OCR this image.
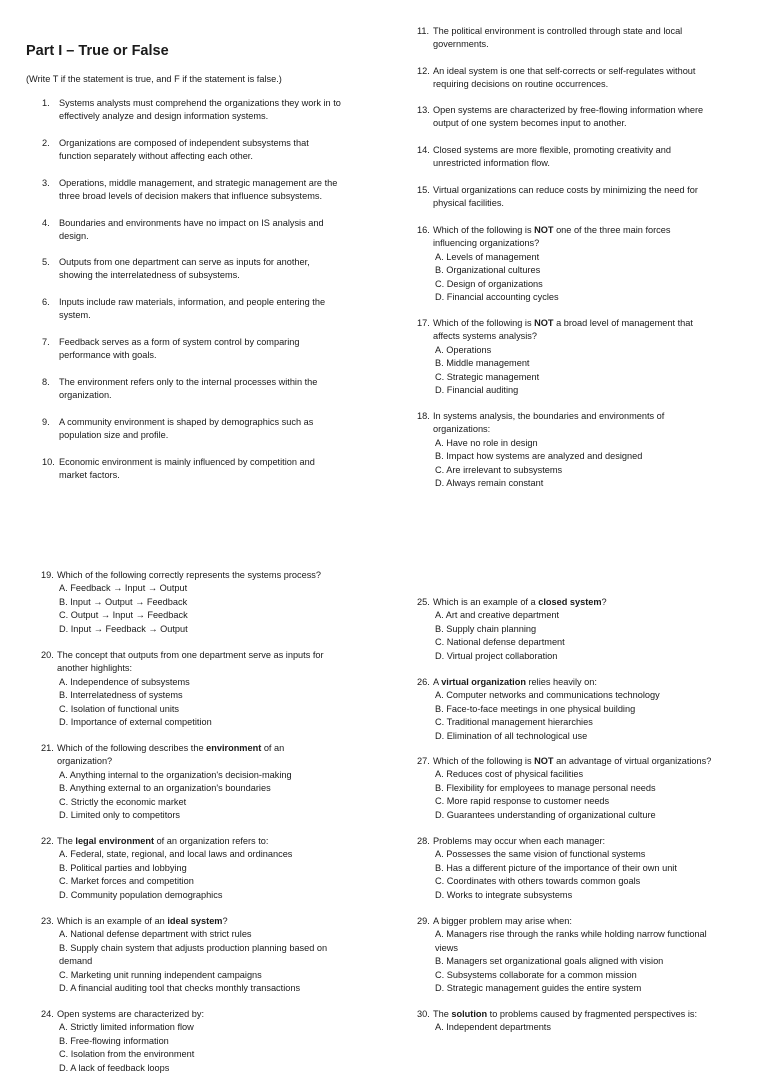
Part I – True or False
(Write T if the statement is true, and F if the statement is false.)
1. Systems analysts must comprehend the organizations they work in to
effectively analyze and design information systems.
2. Organizations are composed of independent subsystems that
function separately without affecting each other.
3. Operations, middle management, and strategic management are the
three broad levels of decision makers that influence subsystems.
4. Boundaries and environments have no impact on IS analysis and
design.
5. Outputs from one department can serve as inputs for another,
showing the interrelatedness of subsystems.
6. Inputs include raw materials, information, and people entering the
system.
7. Feedback serves as a form of system control by comparing
performance with goals.
8. The environment refers only to the internal processes within the
organization.
9. A community environment is shaped by demographics such as
population size and profile.
10. Economic environment is mainly influenced by competition and
market factors.
11. The political environment is controlled through state and local
governments.
12. An ideal system is one that self-corrects or self-regulates without
requiring decisions on routine occurrences.
13. Open systems are characterized by free-flowing information where
output of one system becomes input to another.
14. Closed systems are more flexible, promoting creativity and
unrestricted information flow.
15. Virtual organizations can reduce costs by minimizing the need for
physical facilities.
16. Which of the following is NOT one of the three main forces
influencing organizations?
A. Levels of management
B. Organizational cultures
C. Design of organizations
D. Financial accounting cycles
17. Which of the following is NOT a broad level of management that
affects systems analysis?
A. Operations
B. Middle management
C. Strategic management
D. Financial auditing
18. In systems analysis, the boundaries and environments of
organizations:
A. Have no role in design
B. Impact how systems are analyzed and designed
C. Are irrelevant to subsystems
D. Always remain constant
19. Which of the following correctly represents the systems process?
A. Feedback → Input → Output
B. Input → Output → Feedback
C. Output → Input → Feedback
D. Input → Feedback → Output
20. The concept that outputs from one department serve as inputs for
another highlights:
A. Independence of subsystems
B. Interrelatedness of systems
C. Isolation of functional units
D. Importance of external competition
21. Which of the following describes the environment of an
organization?
A. Anything internal to the organization's decision-making
B. Anything external to an organization's boundaries
C. Strictly the economic market
D. Limited only to competitors
22. The legal environment of an organization refers to:
A. Federal, state, regional, and local laws and ordinances
B. Political parties and lobbying
C. Market forces and competition
D. Community population demographics
23. Which is an example of an ideal system?
A. National defense department with strict rules
B. Supply chain system that adjusts production planning based on
demand
C. Marketing unit running independent campaigns
D. A financial auditing tool that checks monthly transactions
24. Open systems are characterized by:
A. Strictly limited information flow
B. Free-flowing information
C. Isolation from the environment
D. A lack of feedback loops
25. Which is an example of a closed system?
A. Art and creative department
B. Supply chain planning
C. National defense department
D. Virtual project collaboration
26. A virtual organization relies heavily on:
A. Computer networks and communications technology
B. Face-to-face meetings in one physical building
C. Traditional management hierarchies
D. Elimination of all technological use
27. Which of the following is NOT an advantage of virtual organizations?
A. Reduces cost of physical facilities
B. Flexibility for employees to manage personal needs
C. More rapid response to customer needs
D. Guarantees understanding of organizational culture
28. Problems may occur when each manager:
A. Possesses the same vision of functional systems
B. Has a different picture of the importance of their own unit
C. Coordinates with others towards common goals
D. Works to integrate subsystems
29. A bigger problem may arise when:
A. Managers rise through the ranks while holding narrow functional
views
B. Managers set organizational goals aligned with vision
C. Subsystems collaborate for a common mission
D. Strategic management guides the entire system
30. The solution to problems caused by fragmented perspectives is:
A. Independent departments
